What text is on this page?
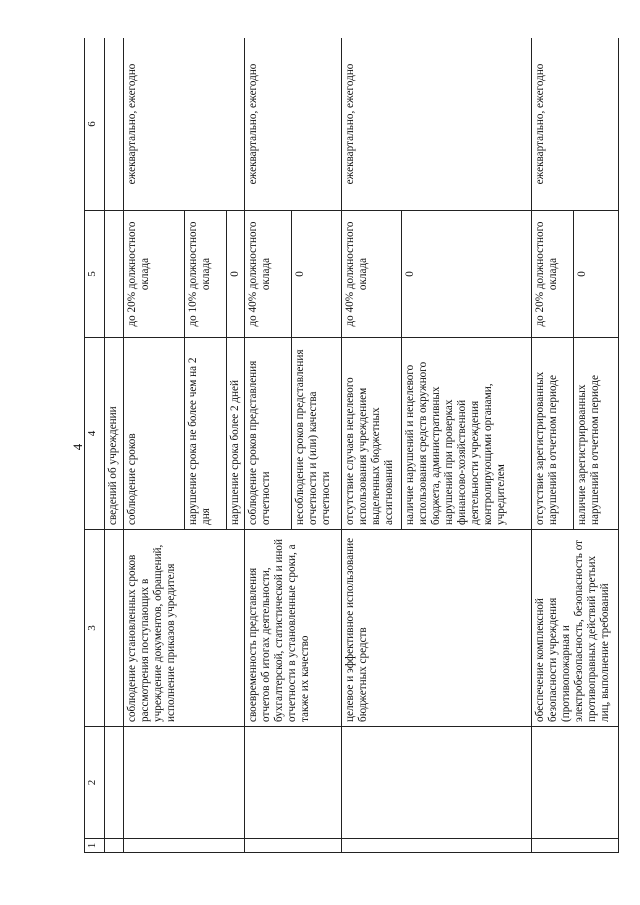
4
1	2	3	4	5	6
			сведений об учреждении		
		соблюдение установленных сроков рассмотрения поступающих в учреждение документов, обращений, исполнение приказов учредителя	соблюдение сроков	до 20% должностного оклада	ежеквартально, ежегодно
			нарушение срока не более чем на 2 дня	до 10% должностного оклада	
			нарушение срока более 2 дней	0	
		своевременность представления отчетов об итогах деятельности, бухгалтерской, статистической и иной отчетности в установленные сроки, а также их качество	соблюдение сроков представления отчетности	до 40% должностного оклада	ежеквартально, ежегодно
			несоблюдение сроков представления отчетности и (или) качества отчетности	0	
		целевое и эффективное использование бюджетных средств	отсутствие случаев нецелевого использования учреждением выделенных бюджетных ассигнований	до 40% должностного оклада	ежеквартально, ежегодно
			наличие нарушений и нецелевого использования средств окружного бюджета, административных нарушений при проверках финансово-хозяйственной деятельности учреждения контролирующими органами, учредителем	0	
		обеспечение комплексной безопасности учреждения (противопожарная и электробезопасность, безопасность от противоправных действий третьих лиц, выполнение требований	отсутствие зарегистрированных нарушений в отчетном периоде	до 20% должностного оклада	ежеквартально, ежегодно
			наличие зарегистрированных нарушений в отчетном периоде	0	
